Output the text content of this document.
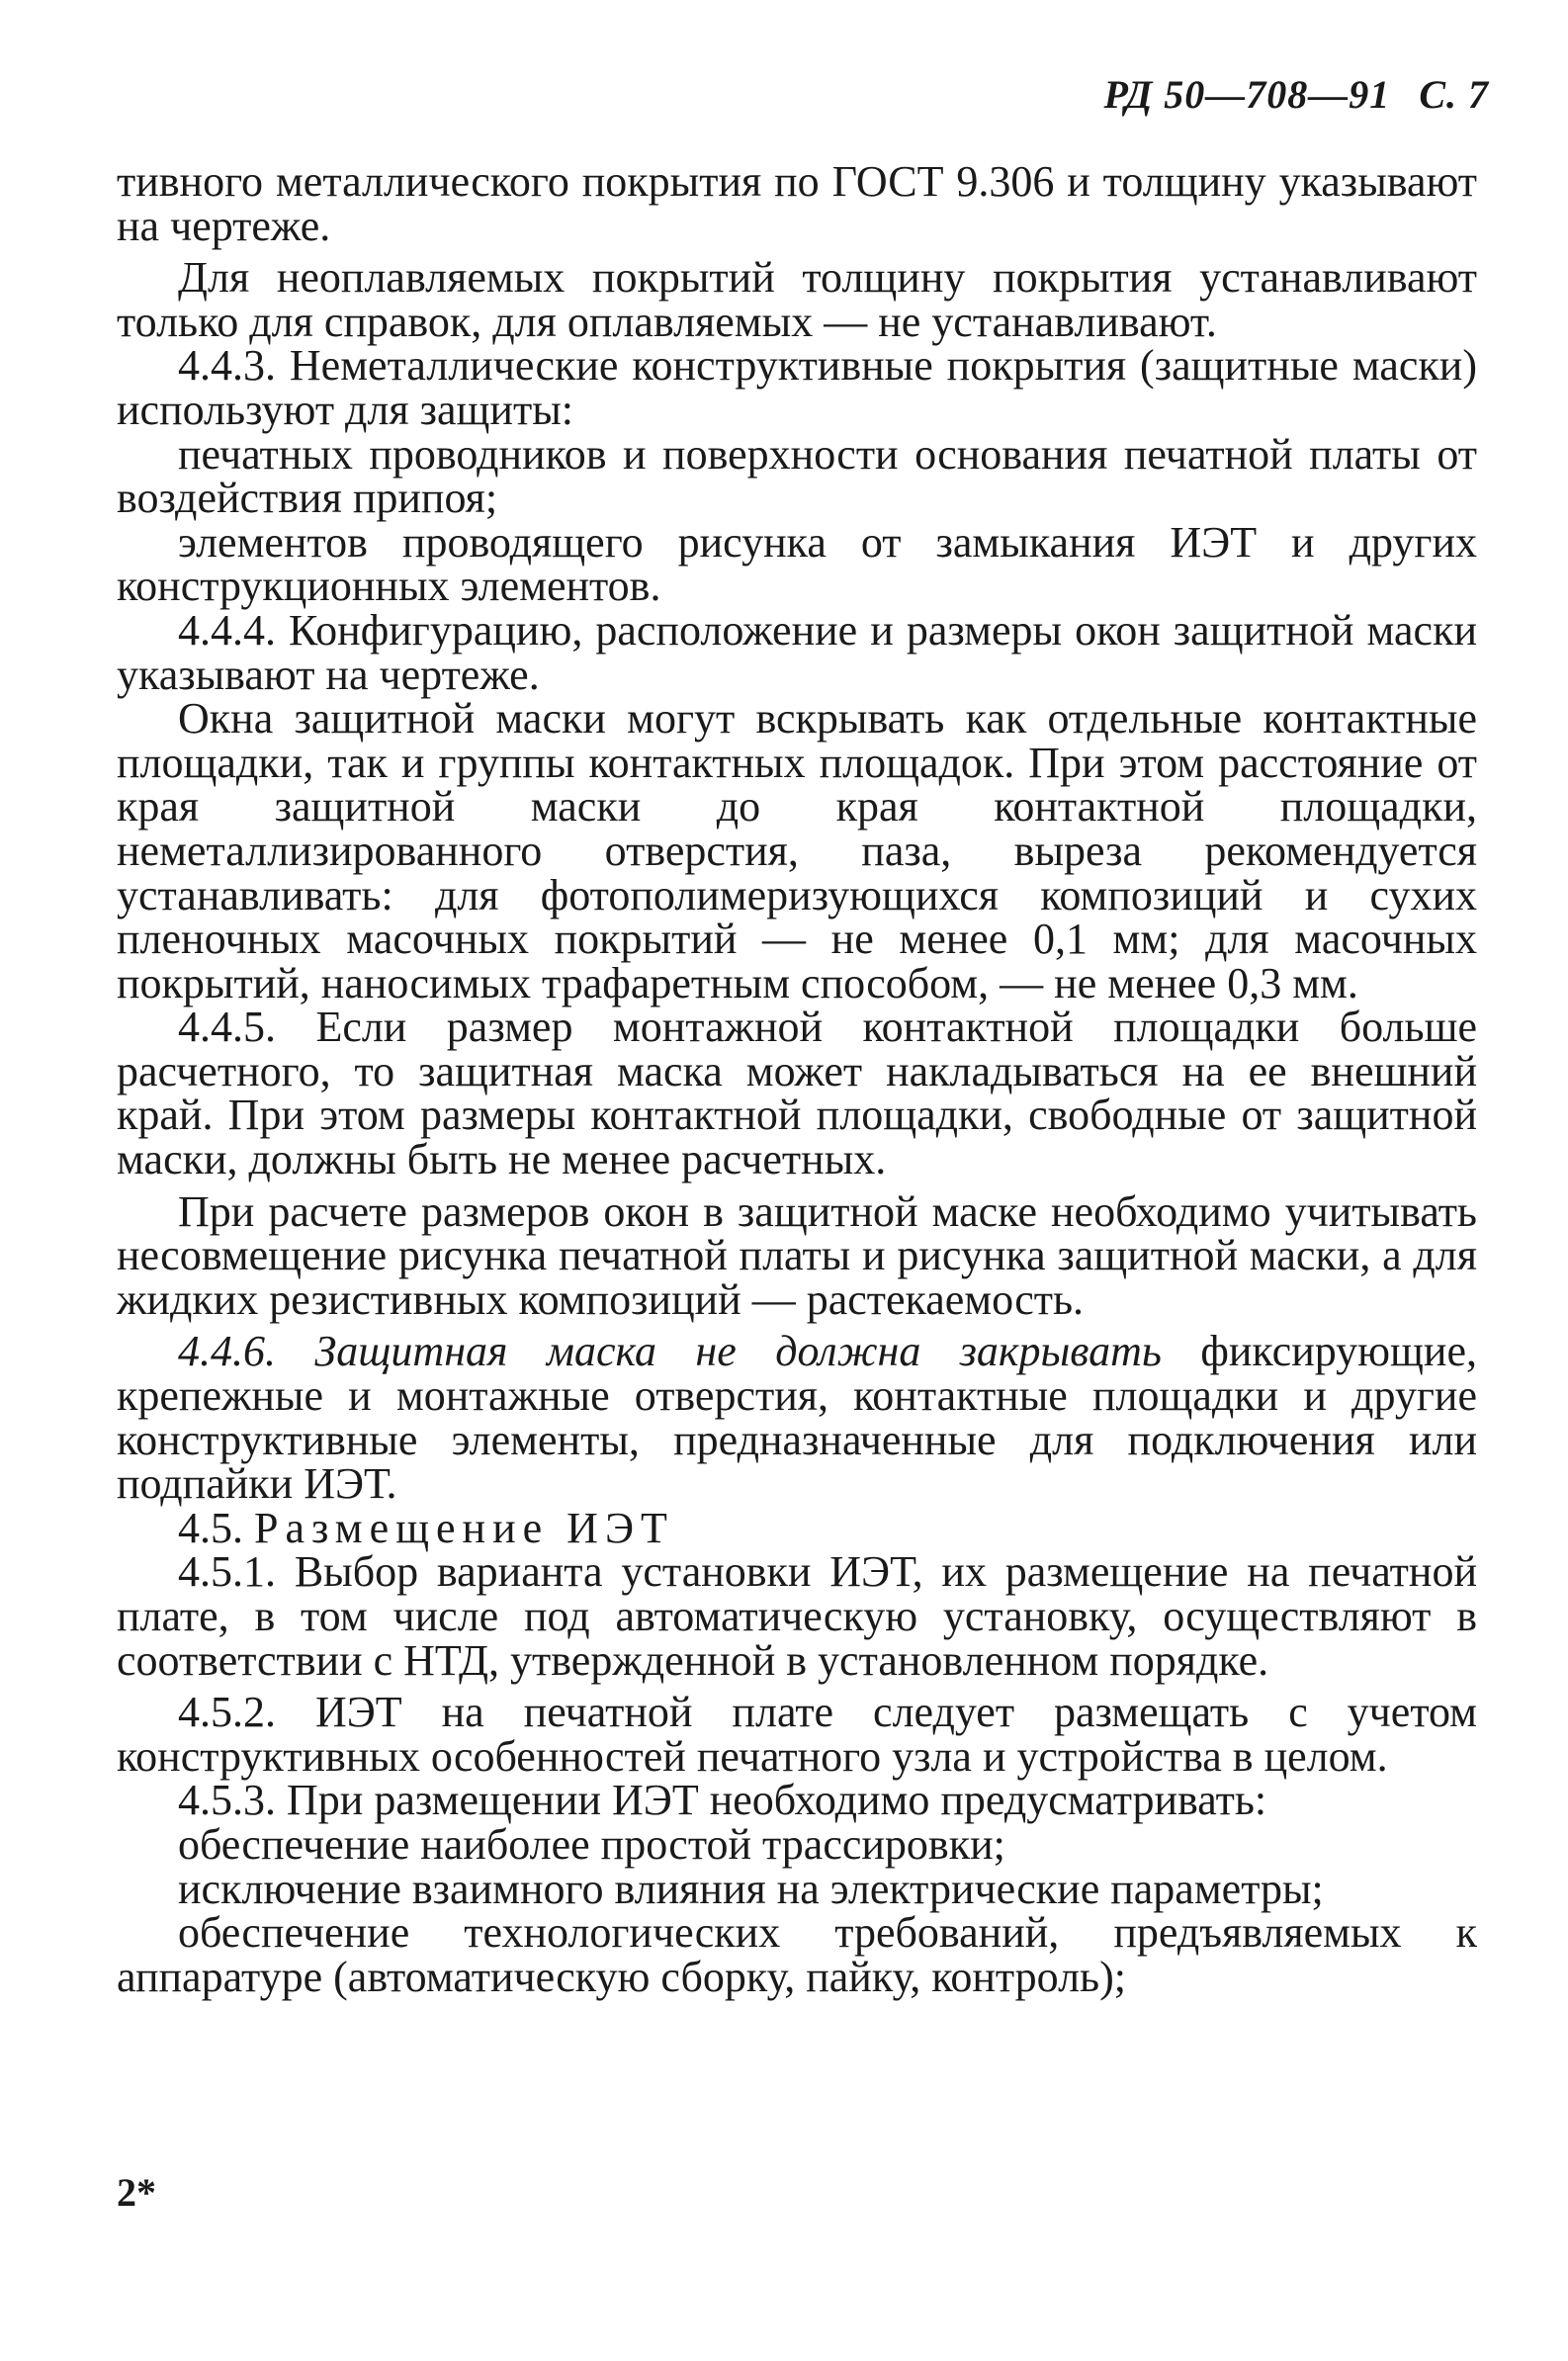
РД 50—708—91 С. 7

тивного металлического покрытия по ГОСТ 9.306 и толщину указывают на чертеже.

Для неоплавляемых покрытий толщину покрытия устанавливают только для справок, для оплавляемых — не устанавливают.

4.4.3. Неметаллические конструктивные покрытия (защитные маски) используют для защиты:

печатных проводников и поверхности основания печатной платы от воздействия припоя;

элементов проводящего рисунка от замыкания ИЭТ и других конструкционных элементов.

4.4.4. Конфигурацию, расположение и размеры окон защитной маски указывают на чертеже.

Окна защитной маски могут вскрывать как отдельные контактные площадки, так и группы контактных площадок. При этом расстояние от края защитной маски до края контактной площадки, неметаллизированного отверстия, паза, выреза рекомендуется устанавливать: для фотополимеризующихся композиций и сухих пленочных масочных покрытий — не менее 0,1 мм; для масочных покрытий, наносимых трафаретным способом, — не менее 0,3 мм.

4.4.5. Если размер монтажной контактной площадки больше расчетного, то защитная маска может накладываться на ее внешний край. При этом размеры контактной площадки, свободные от защитной маски, должны быть не менее расчетных.

При расчете размеров окон в защитной маске необходимо учитывать несовмещение рисунка печатной платы и рисунка защитной маски, а для жидких резистивных композиций — растекаемость.

4.4.6. Защитная маска не должна закрывать фиксирующие, крепежные и монтажные отверстия, контактные площадки и другие конструктивные элементы, предназначенные для подключения или подпайки ИЭТ.

4.5. Размещение ИЭТ

4.5.1. Выбор варианта установки ИЭТ, их размещение на печатной плате, в том числе под автоматическую установку, осуществляют в соответствии с НТД, утвержденной в установленном порядке.

4.5.2. ИЭТ на печатной плате следует размещать с учетом конструктивных особенностей печатного узла и устройства в целом.

4.5.3. При размещении ИЭТ необходимо предусматривать:

обеспечение наиболее простой трассировки;

исключение взаимного влияния на электрические параметры;

обеспечение технологических требований, предъявляемых к аппаратуре (автоматическую сборку, пайку, контроль);

2*
